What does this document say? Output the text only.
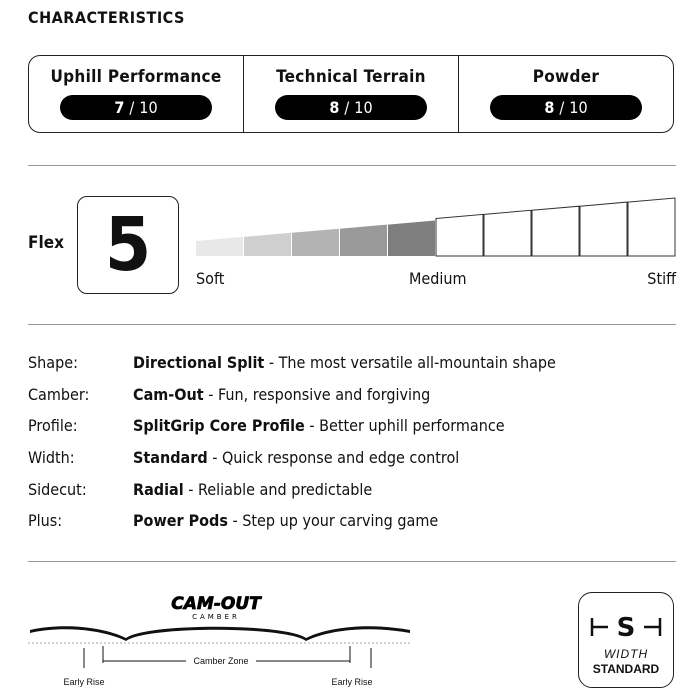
CHARACTERISTICS
Uphill Performance
7 / 10
Technical Terrain
8 / 10
Powder
8 / 10
Flex 5	Soft	Medium	Stiff
Shape:	Directional Split - The most versatile all-mountain shape
Camber:	Cam-Out - Fun, responsive and forgiving
Profile:	SplitGrip Core Profile - Better uphill performance
Width:	Standard - Quick response and edge control
Sidecut:	Radial - Reliable and predictable
Plus:	Power Pods - Step up your carving game
CAM-OUT
CAMBER
Camber Zone
Early Rise	Early Rise
S
WIDTH
STANDARD
